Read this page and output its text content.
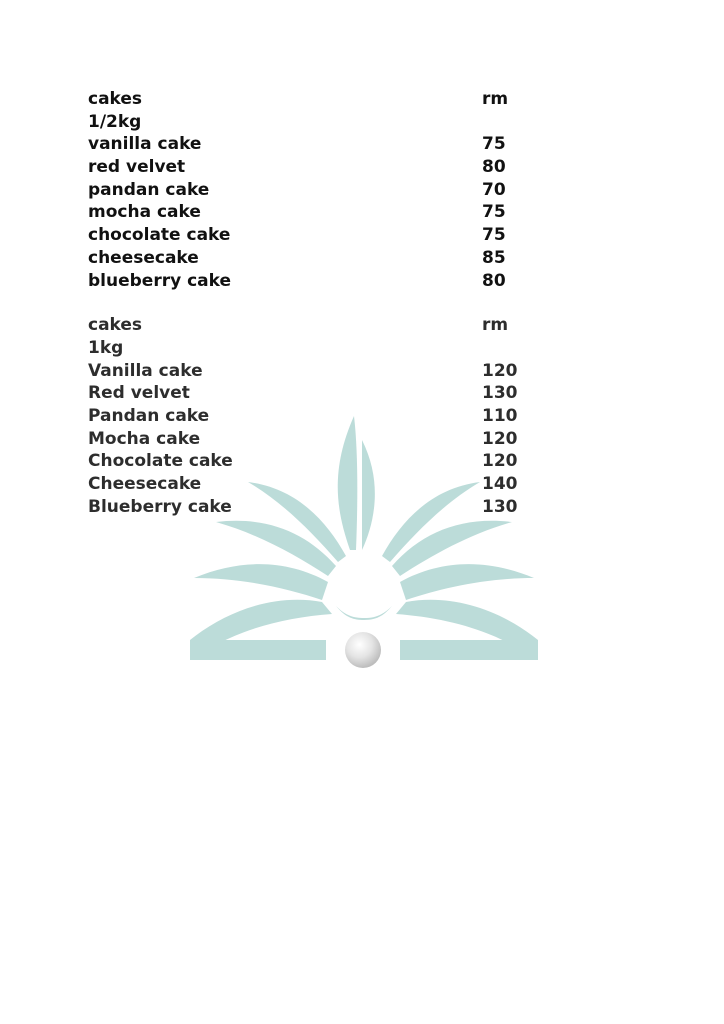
cakes	rm
1/2kg
vanilla cake	75
red velvet	80
pandan cake	70
mocha cake	75
chocolate cake	75
cheesecake	85
blueberry cake	80
cakes	rm
1kg
Vanilla cake	120
Red velvet	130
Pandan cake	110
Mocha cake	120
Chocolate cake	120
Cheesecake	140
Blueberry cake	130
